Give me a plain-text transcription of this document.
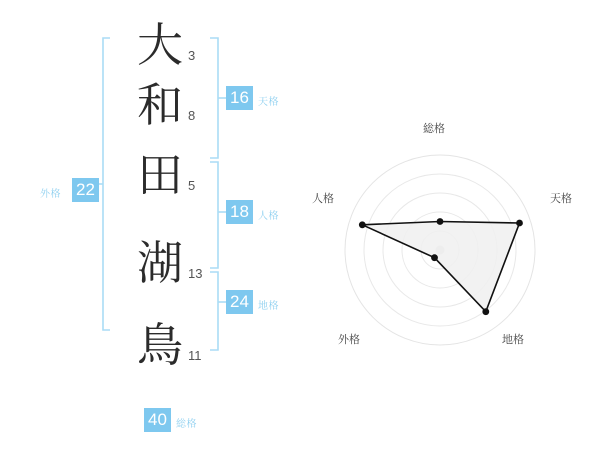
大 3
和 8
田 5
湖 13
鳥 11
16 天格
18 人格
24 地格
22
外格
40 総格
総格
天格
地格
外格
人格
